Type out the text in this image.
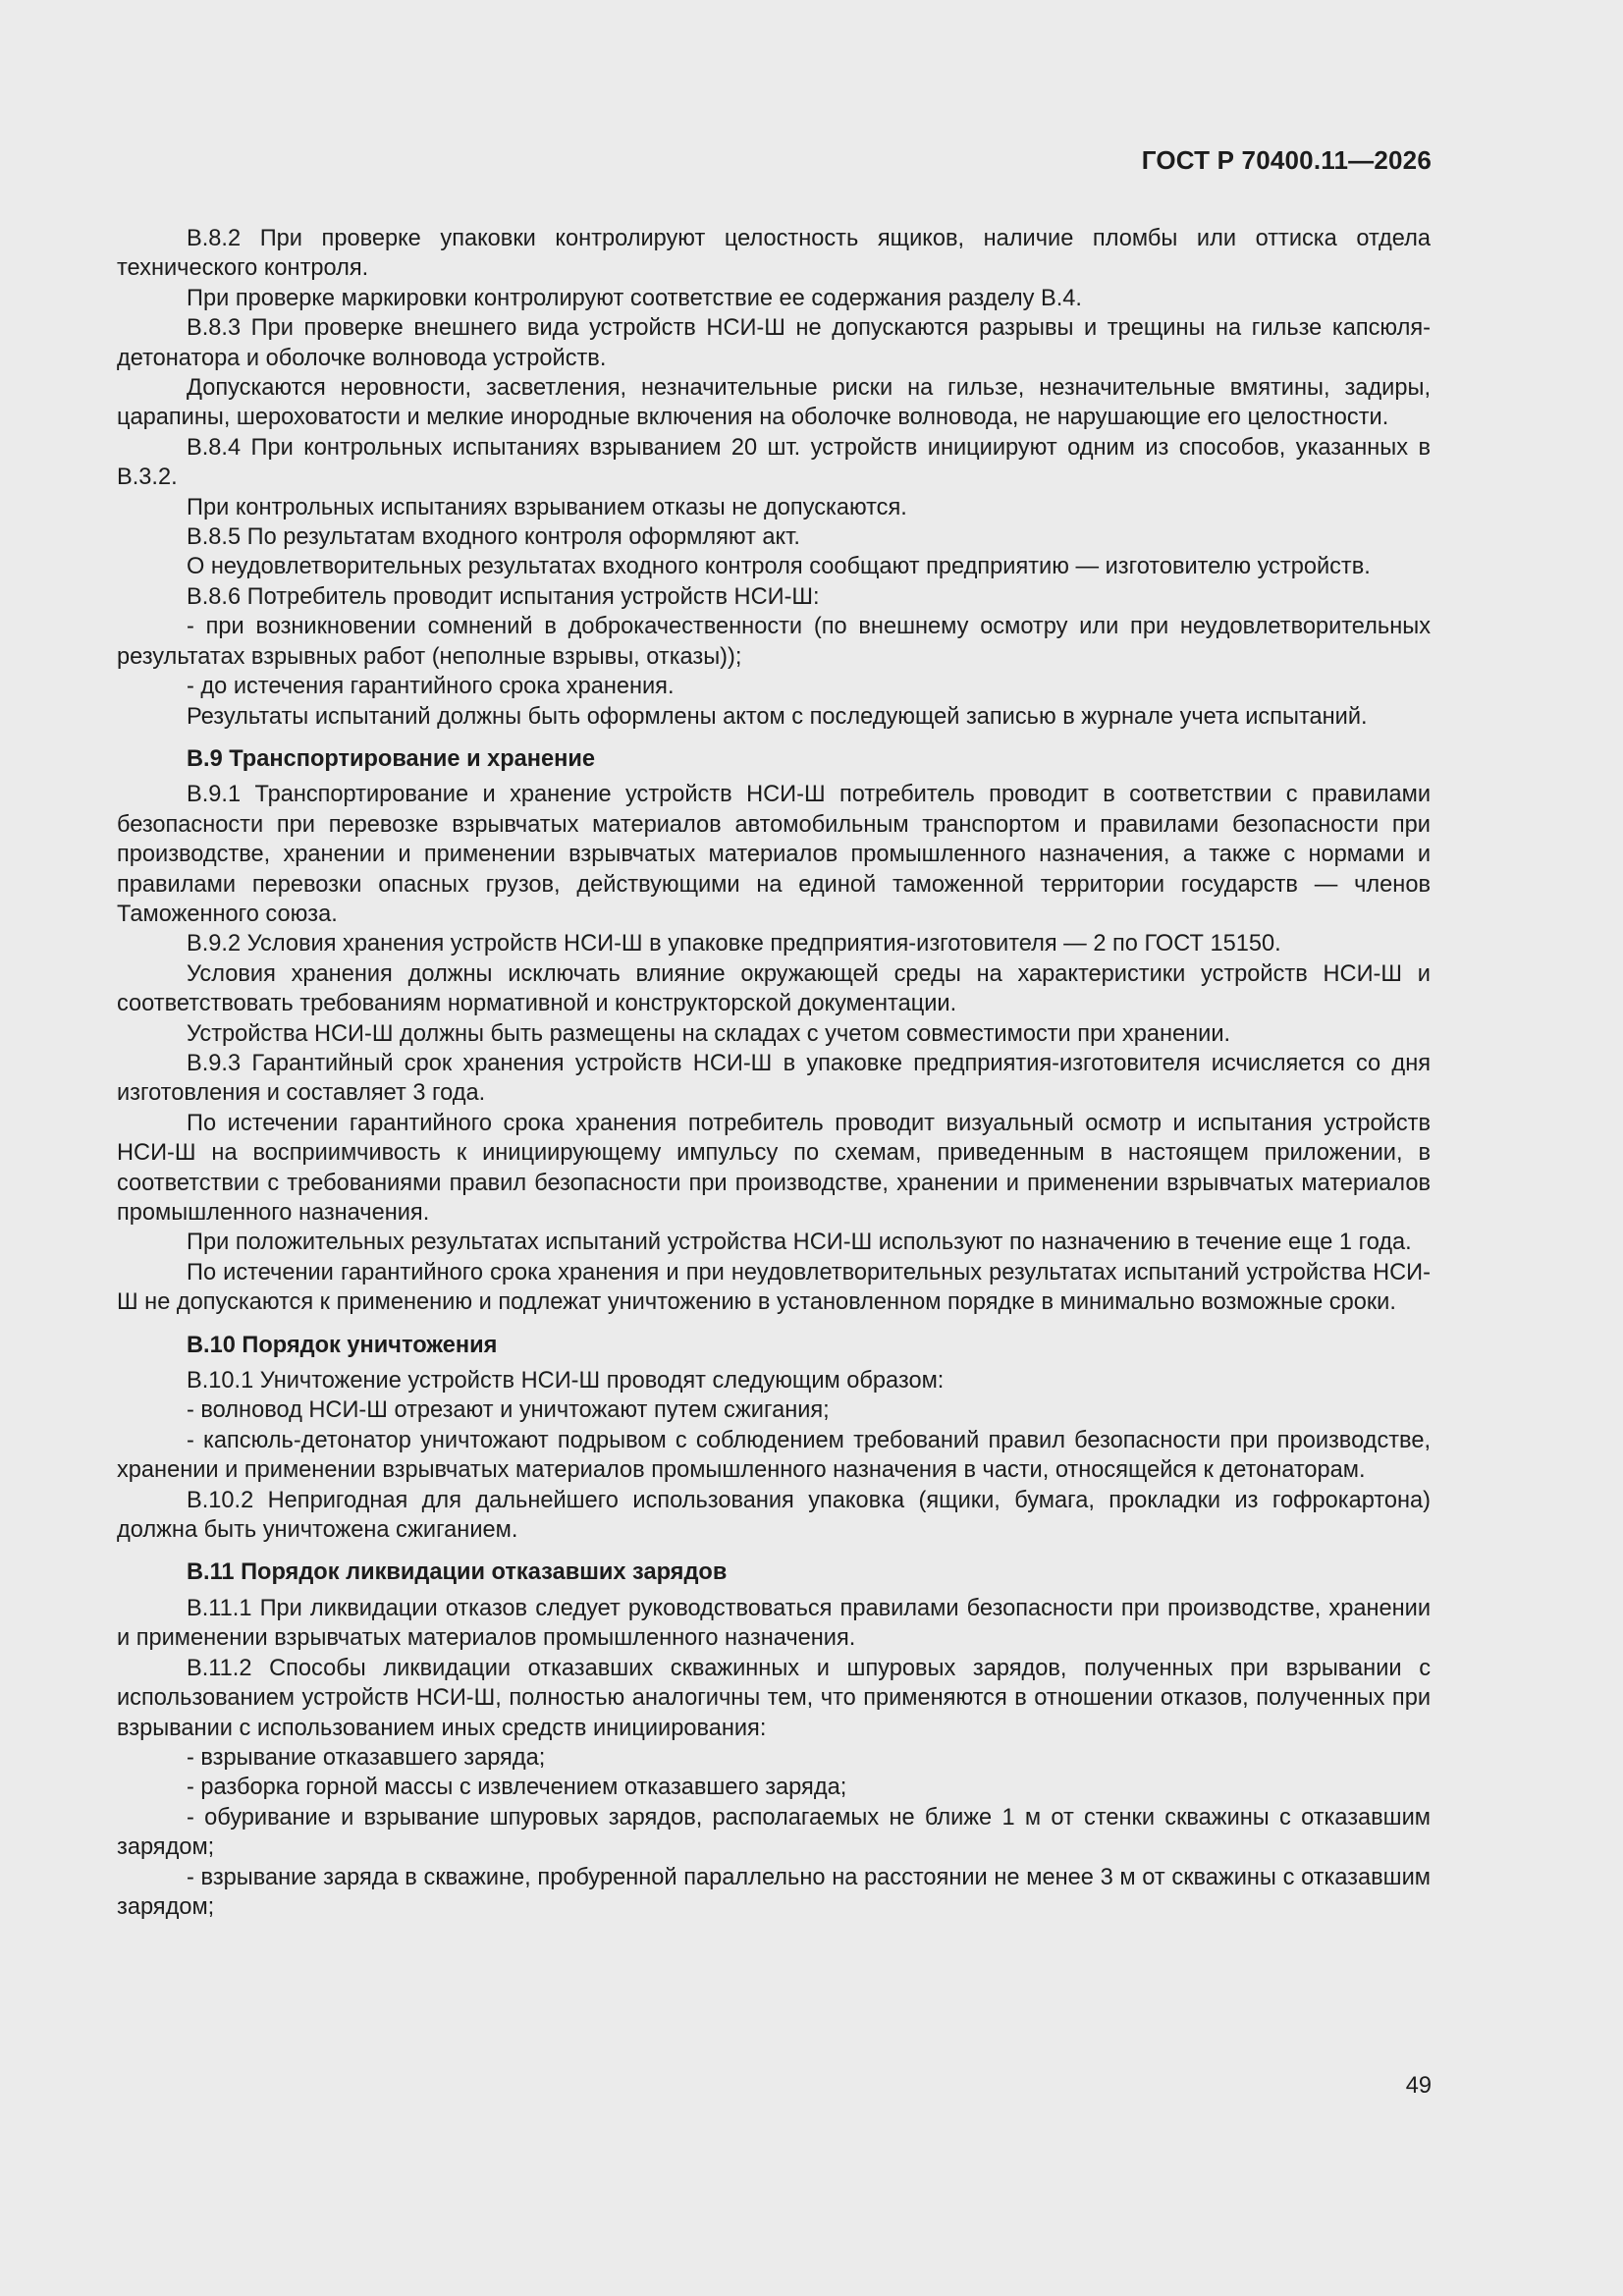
ГОСТ Р 70400.11—2026

В.8.2 При проверке упаковки контролируют целостность ящиков, наличие пломбы или оттиска отдела технического контроля.

При проверке маркировки контролируют соответствие ее содержания разделу В.4.

В.8.3 При проверке внешнего вида устройств НСИ-Ш не допускаются разрывы и трещины на гильзе капсюля-детонатора и оболочке волновода устройств.

Допускаются неровности, засветления, незначительные риски на гильзе, незначительные вмятины, задиры, царапины, шероховатости и мелкие инородные включения на оболочке волновода, не нарушающие его целостности.

В.8.4 При контрольных испытаниях взрыванием 20 шт. устройств инициируют одним из способов, указанных в В.3.2.

При контрольных испытаниях взрыванием отказы не допускаются.

В.8.5 По результатам входного контроля оформляют акт.

О неудовлетворительных результатах входного контроля сообщают предприятию — изготовителю устройств.

В.8.6 Потребитель проводит испытания устройств НСИ-Ш:

- при возникновении сомнений в доброкачественности (по внешнему осмотру или при неудовлетворительных результатах взрывных работ (неполные взрывы, отказы));

- до истечения гарантийного срока хранения.

Результаты испытаний должны быть оформлены актом с последующей записью в журнале учета испытаний.

В.9 Транспортирование и хранение

В.9.1 Транспортирование и хранение устройств НСИ-Ш потребитель проводит в соответствии с правилами безопасности при перевозке взрывчатых материалов автомобильным транспортом и правилами безопасности при производстве, хранении и применении взрывчатых материалов промышленного назначения, а также с нормами и правилами перевозки опасных грузов, действующими на единой таможенной территории государств — членов Таможенного союза.

В.9.2 Условия хранения устройств НСИ-Ш в упаковке предприятия-изготовителя — 2 по ГОСТ 15150.

Условия хранения должны исключать влияние окружающей среды на характеристики устройств НСИ-Ш и соответствовать требованиям нормативной и конструкторской документации.

Устройства НСИ-Ш должны быть размещены на складах с учетом совместимости при хранении.

В.9.3 Гарантийный срок хранения устройств НСИ-Ш в упаковке предприятия-изготовителя исчисляется со дня изготовления и составляет 3 года.

По истечении гарантийного срока хранения потребитель проводит визуальный осмотр и испытания устройств НСИ-Ш на восприимчивость к инициирующему импульсу по схемам, приведенным в настоящем приложении, в соответствии с требованиями правил безопасности при производстве, хранении и применении взрывчатых материалов промышленного назначения.

При положительных результатах испытаний устройства НСИ-Ш используют по назначению в течение еще 1 года.

По истечении гарантийного срока хранения и при неудовлетворительных результатах испытаний устройства НСИ-Ш не допускаются к применению и подлежат уничтожению в установленном порядке в минимально возможные сроки.

В.10 Порядок уничтожения

В.10.1 Уничтожение устройств НСИ-Ш проводят следующим образом:

- волновод НСИ-Ш отрезают и уничтожают путем сжигания;

- капсюль-детонатор уничтожают подрывом с соблюдением требований правил безопасности при производстве, хранении и применении взрывчатых материалов промышленного назначения в части, относящейся к детонаторам.

В.10.2 Непригодная для дальнейшего использования упаковка (ящики, бумага, прокладки из гофрокартона) должна быть уничтожена сжиганием.

В.11 Порядок ликвидации отказавших зарядов

В.11.1 При ликвидации отказов следует руководствоваться правилами безопасности при производстве, хранении и применении взрывчатых материалов промышленного назначения.

В.11.2 Способы ликвидации отказавших скважинных и шпуровых зарядов, полученных при взрывании с использованием устройств НСИ-Ш, полностью аналогичны тем, что применяются в отношении отказов, полученных при взрывании с использованием иных средств инициирования:

- взрывание отказавшего заряда;

- разборка горной массы с извлечением отказавшего заряда;

- обуривание и взрывание шпуровых зарядов, располагаемых не ближе 1 м от стенки скважины с отказавшим зарядом;

- взрывание заряда в скважине, пробуренной параллельно на расстоянии не менее 3 м от скважины с отказавшим зарядом;

49
